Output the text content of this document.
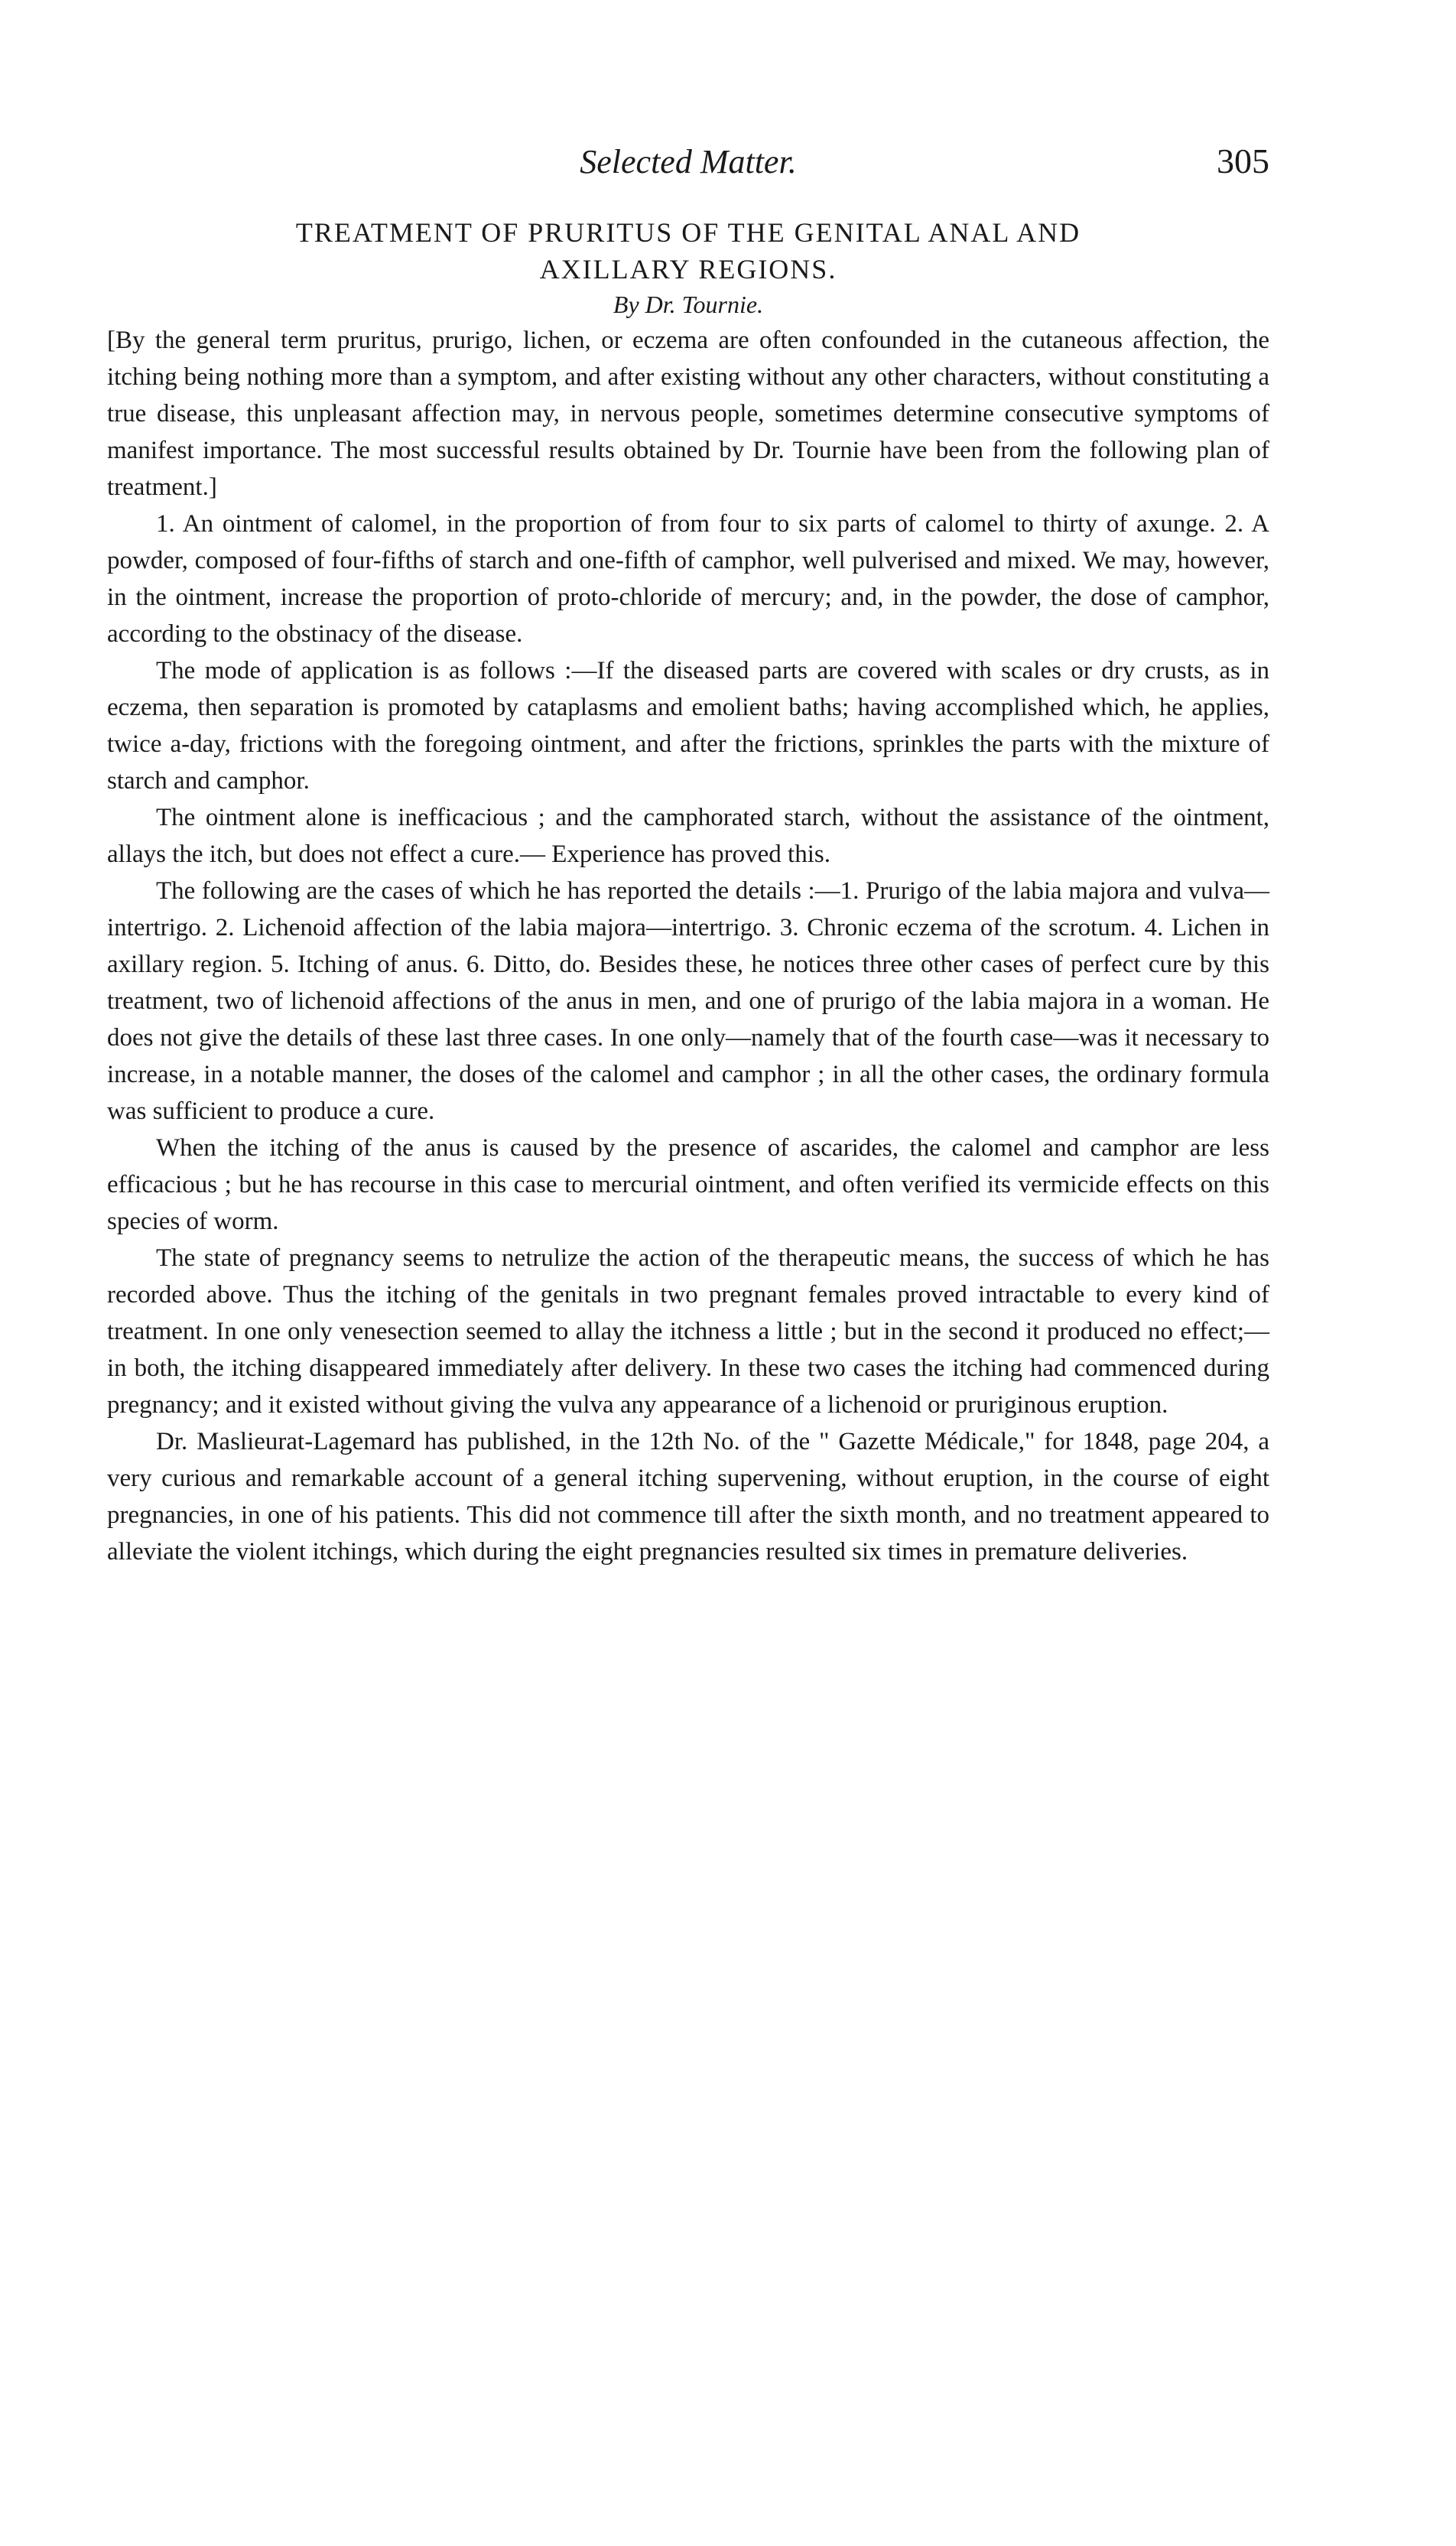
Selected Matter.	305
TREATMENT OF PRURITUS OF THE GENITAL ANAL AND
AXILLARY REGIONS.
By Dr. Tournie.

[By the general term pruritus, prurigo, lichen, or eczema are often confounded in the cutaneous affection, the itching being nothing more than a symptom, and after existing without any other characters, without constituting a true disease, this unpleasant affection may, in nervous people, sometimes determine consecutive symptoms of manifest importance. The most successful results obtained by Dr. Tournie have been from the following plan of treatment.]

1. An ointment of calomel, in the proportion of from four to six parts of calomel to thirty of axunge. 2. A powder, composed of four-fifths of starch and one-fifth of camphor, well pulverised and mixed. We may, however, in the ointment, increase the proportion of proto-chloride of mercury; and, in the powder, the dose of camphor, according to the obstinacy of the disease.

The mode of application is as follows :—If the diseased parts are covered with scales or dry crusts, as in eczema, then separation is promoted by cataplasms and emolient baths; having accomplished which, he applies, twice a-day, frictions with the foregoing ointment, and after the frictions, sprinkles the parts with the mixture of starch and camphor.

The ointment alone is inefficacious ; and the camphorated starch, without the assistance of the ointment, allays the itch, but does not effect a cure.— Experience has proved this.

The following are the cases of which he has reported the details :—1. Prurigo of the labia majora and vulva—intertrigo. 2. Lichenoid affection of the labia majora—intertrigo. 3. Chronic eczema of the scrotum. 4. Lichen in axillary region. 5. Itching of anus. 6. Ditto, do. Besides these, he notices three other cases of perfect cure by this treatment, two of lichenoid affections of the anus in men, and one of prurigo of the labia majora in a woman. He does not give the details of these last three cases. In one only—namely that of the fourth case—was it necessary to increase, in a notable manner, the doses of the calomel and camphor ; in all the other cases, the ordinary formula was sufficient to produce a cure.

When the itching of the anus is caused by the presence of ascarides, the calomel and camphor are less efficacious ; but he has recourse in this case to mercurial ointment, and often verified its vermicide effects on this species of worm.

The state of pregnancy seems to netrulize the action of the therapeutic means, the success of which he has recorded above. Thus the itching of the genitals in two pregnant females proved intractable to every kind of treatment. In one only venesection seemed to allay the itchness a little ; but in the second it produced no effect;—in both, the itching disappeared immediately after delivery. In these two cases the itching had commenced during pregnancy; and it existed without giving the vulva any appearance of a lichenoid or pruriginous eruption.

Dr. Maslieurat-Lagemard has published, in the 12th No. of the " Gazette Médicale," for 1848, page 204, a very curious and remarkable account of a general itching supervening, without eruption, in the course of eight pregnancies, in one of his patients. This did not commence till after the sixth month, and no treatment appeared to alleviate the violent itchings, which during the eight pregnancies resulted six times in premature deliveries.
